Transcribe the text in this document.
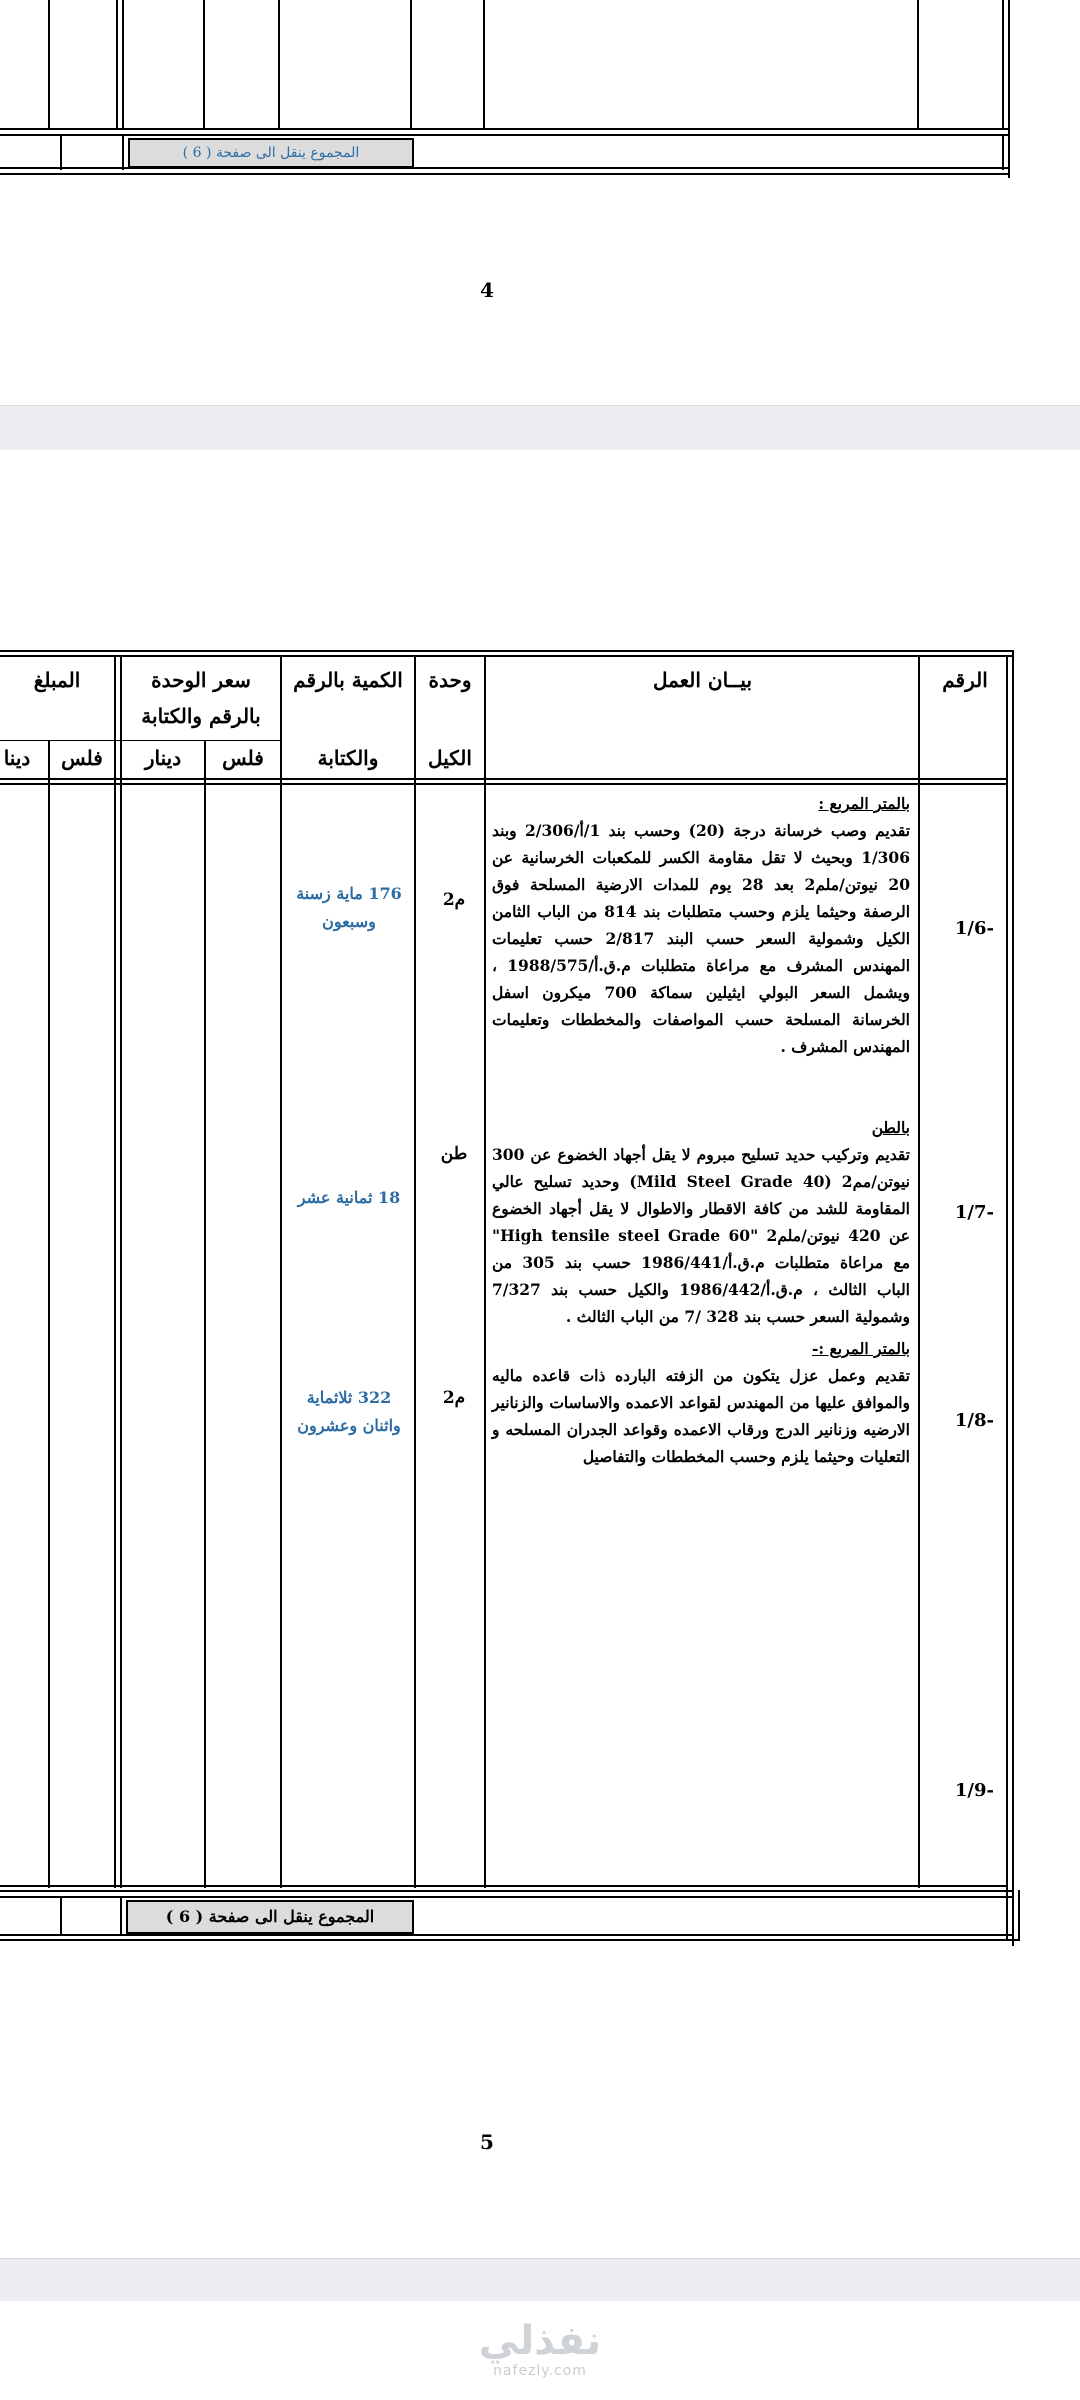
المجموع ينقل الى صفحة ( 6 )
4
الرقم
بيــان العمل
وحدة
الكيل
الكمية بالرقم
والكتابة
سعر الوحدة
بالرقم والكتابة
فلس
دينار
المبلغ
فلس
دينا
1/6-
م2
176 ماية زسنة وسبعون
بالمتر المربع :

تقديم وصب خرسانة درجة (20) وحسب بند 1/أ/2/306 وبند 1/306 وبحيث لا تقل مقاومة الكسر للمكعبات الخرسانية عن 20 نيوتن/ملم2 بعد 28 يوم للمدات الارضية المسلحة فوق الرصفة وحيثما يلزم وحسب متطلبات بند 814 من الباب الثامن الكيل وشمولية السعر حسب البند 2/817 حسب تعليمات المهندس المشرف مع مراعاة متطلبات م.ق.أ/1988/575 ، ويشمل السعر البولي ايثيلين سماكة 700 ميكرون اسفل الخرسانة المسلحة حسب المواصفات والمخططات وتعليمات المهندس المشرف .

1/7-
طن
18 ثمانية عشر
بالطن

تقديم وتركيب حديد تسليح مبروم لا يقل أجهاد الخضوع عن 300 نيوتن/مم2 (Mild Steel Grade 40) وحديد تسليح عالي المقاومة للشد من كافة الاقطار والاطوال لا يقل أجهاد الخضوع عن 420 نيوتن/ملم2 "High tensile steel Grade 60" مع مراعاة متطلبات م.ق.أ/1986/441 حسب بند 305 من الباب الثالث ، م.ق.أ/1986/442 والكيل حسب بند 7/327 وشمولية السعر حسب بند 328 /7 من الباب الثالث .

1/8-
م2
322 ثلاثماية واثنان وعشرون
بالمتر المربع :-

تقديم وعمل عزل يتكون من الزفته البارده ذات قاعده ماليه والموافق عليها من المهندس لقواعد الاعمده والاساسات والزنانير الارضيه وزنانير الدرج ورقاب الاعمده وقواعد الجدران المسلحه و التعليات وحيثما يلزم وحسب المخططات والتفاصيل

1/9-
المجموع ينقل الى صفحة ( 6 )
5
نفذلي
nafezly.com
